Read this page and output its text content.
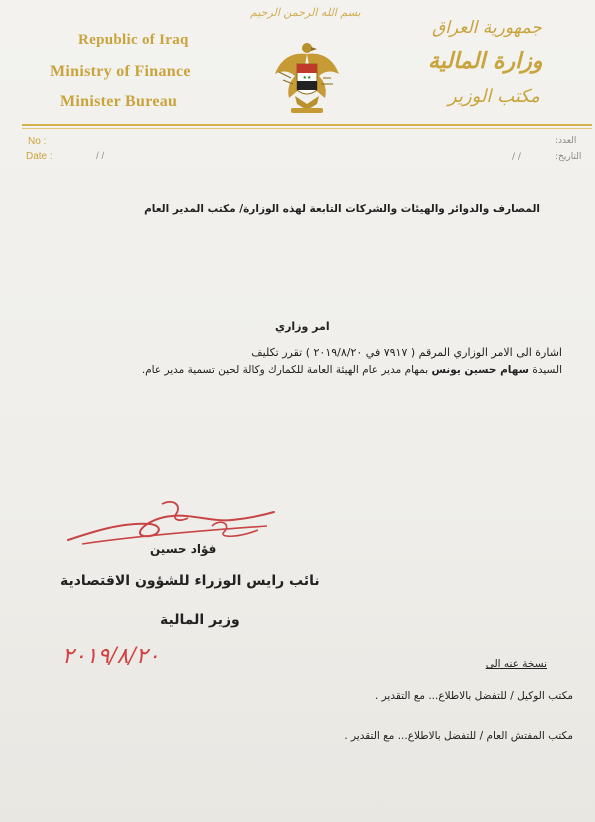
بسم الله الرحمن الرحيم
Republic of Iraq
Ministry of Finance
Minister Bureau
★★
جمهورية العراق
وزارة المالية
مكتب الوزير
No :
Date :	/ /
العدد:
التاريخ:
/ /
المصارف والدوائر والهيئات والشركات التابعة لهذه الوزارة/ مكتب المدير العام
امر وزاري
اشارة الى الامر الوزاري المرقم ( ٧٩١٧ في ٢٠١٩/٨/٢٠ ) تقرر تكليف
السيدة سهام حسين يونس بمهام مدير عام الهيئة العامة للكمارك وكالة لحين تسمية مدير عام.
فؤاد حسين
نائب رايس الوزراء للشؤون الاقتصادية
وزير المالية
٢٠١٩/٨/٢٠	نسخة عنه الى
مكتب الوكيل / للتفضل بالاطلاع... مع التقدير .
مكتب المفتش العام / للتفضل بالاطلاع... مع التقدير .
